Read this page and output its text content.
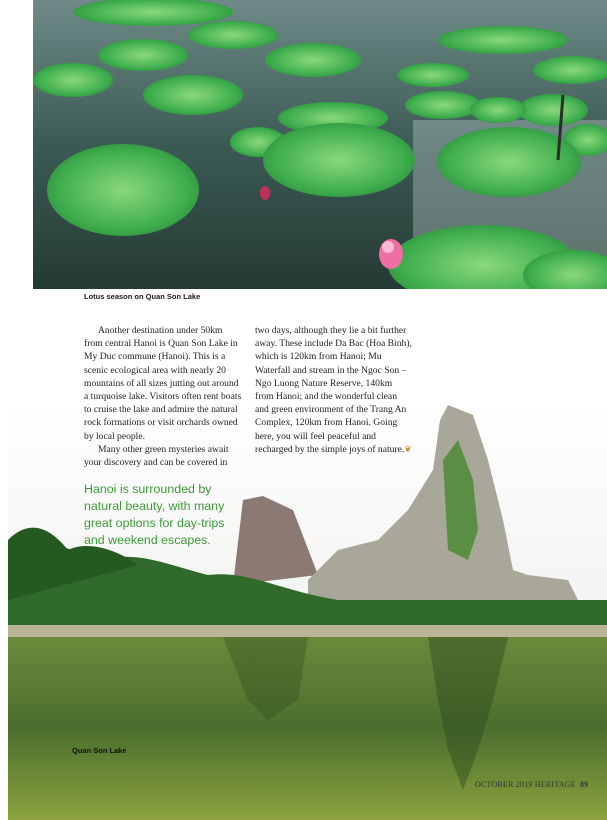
Lotus season on Quan Son Lake

Another destination under 50km from central Hanoi is Quan Son Lake in My Duc commune (Hanoi). This is a scenic ecological area with nearly 20 mountains of all sizes jutting out around a turquoise lake. Visitors often rent boats to cruise the lake and admire the natural rock formations or visit orchards owned by local people.

Many other green mysteries await your discovery and can be covered in

two days, although they lie a bit further away. These include Da Bac (Hoa Binh), which is 120km from Hanoi; Mu Waterfall and stream in the Ngoc Son – Ngo Luong Nature Reserve, 140km from Hanoi; and the wonderful clean and green environment of the Trang An Complex, 120km from Hanoi. Going here, you will feel peaceful and recharged by the simple joys of nature.❦

Hanoi is surrounded by natural beauty, with many great options for day-trips and weekend escapes.

Quan Son Lake
OCTOBER 2019 HERITAGE 89
